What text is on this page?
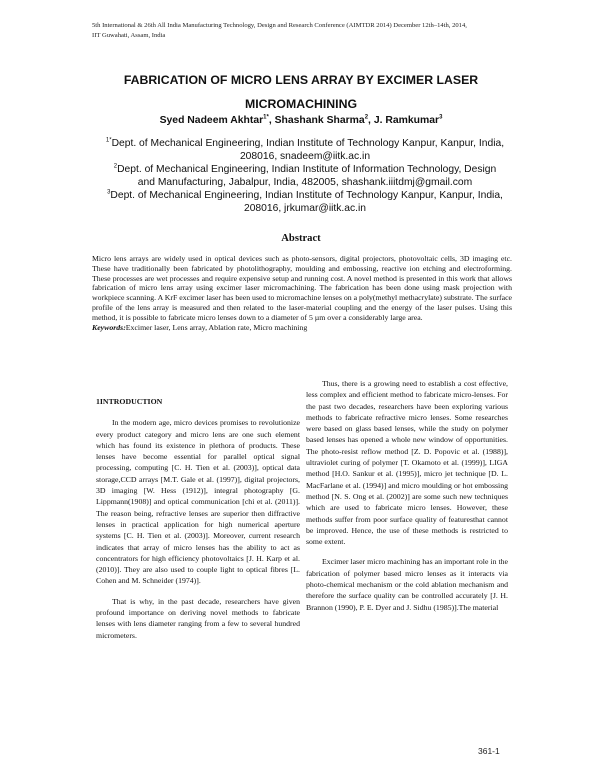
5th International & 26th All India Manufacturing Technology, Design and Research Conference (AIMTDR 2014) December 12th–14th, 2014,
IIT Guwahati, Assam, India
FABRICATION OF MICRO LENS ARRAY BY EXCIMER LASER
MICROMACHINING
Syed Nadeem Akhtar$^{1*}$, Shashank Sharma$^2$, J. Ramkumar$^3$

$^{1*}$Dept. of Mechanical Engineering, Indian Institute of Technology Kanpur, Kanpur, India, 208016, snadeem@iitk.ac.in

$^2$Dept. of Mechanical Engineering, Indian Institute of Information Technology, Design and Manufacturing, Jabalpur, India, 482005, shashank.iiitdmj@gmail.com

$^3$Dept. of Mechanical Engineering, Indian Institute of Technology Kanpur, Kanpur, India, 208016, jrkumar@iitk.ac.in

Abstract
Micro lens arrays are widely used in optical devices such as photo-sensors, digital projectors, photovoltaic cells, 3D imaging etc. These have traditionally been fabricated by photolithography, moulding and embossing, reactive ion etching and electroforming. These processes are wet processes and require expensive setup and running cost. A novel method is presented in this work that allows fabrication of micro lens array using excimer laser micromachining. The fabrication has been done using mask projection with workpiece scanning. A KrF excimer laser has been used to micromachine lenses on a poly(methyl methacrylate) substrate. The surface profile of the lens array is measured and then related to the laser-material coupling and the energy of the laser pulses. Using this method, it is possible to fabricate micro lenses down to a diameter of 5 µm over a considerably large area.
Keywords:Excimer laser, Lens array, Ablation rate, Micro machining
1INTRODUCTION

In the modern age, micro devices promises to revolutionize every product category and micro lens are one such element which has found its existence in plethora of products. These lenses have become essential for parallel optical signal processing, computing [C. H. Tien et al. (2003)], optical data storage,CCD arrays [M.T. Gale et al. (1997)], digital projectors, 3D imaging [W. Hess (1912)], integral photography [G. Lippmann(1908)] and optical communication [chi et al. (2011)]. The reason being, refractive lenses are superior then diffractive lenses in practical application for high numerical aperture systems [C. H. Tien et al. (2003)]. Moreover, current research indicates that array of micro lenses has the ability to act as concentrators for high efficiency photovoltaics [J. H. Karp et al. (2010)]. They are also used to couple light to optical fibres [L. Cohen and M. Schneider (1974)].

That is why, in the past decade, researchers have given profound importance on deriving novel methods to fabricate lenses with lens diameter ranging from a few to several hundred micrometers.

Thus, there is a growing need to establish a cost effective, less complex and efficient method to fabricate micro-lenses. For the past two decades, researchers have been exploring various methods to fabricate refractive micro lenses. Some researches were based on glass based lenses, while the study on polymer based lenses has opened a whole new window of opportunities. The photo-resist reflow method [Z. D. Popovic et al. (1988)], ultraviolet curing of polymer [T. Okamoto et al. (1999)], LIGA method [H.O. Sankur et al. (1995)], micro jet technique [D. L. MacFarlane et al. (1994)] and micro moulding or hot embossing method [N. S. Ong et al. (2002)] are some such new techniques which are used to fabricate micro lenses. However, these methods suffer from poor surface quality of featuresthat cannot be improved. Hence, the use of these methods is restricted to some extent.

Excimer laser micro machining has an important role in the fabrication of polymer based micro lenses as it interacts via photo-chemical mechanism or the cold ablation mechanism and therefore the surface quality can be controlled accurately [J. H. Brannon (1990), P. E. Dyer and J. Sidhu (1985)].The material

361-1
